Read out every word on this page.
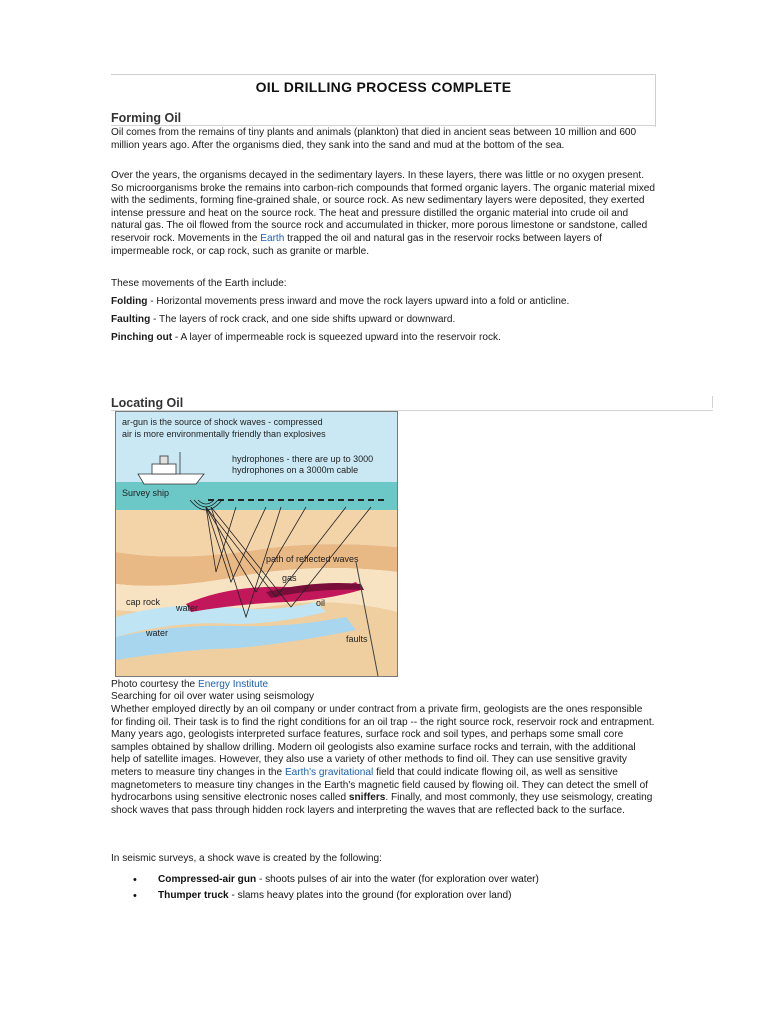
OIL DRILLING PROCESS COMPLETE
Forming Oil
Oil comes from the remains of tiny plants and animals (plankton) that died in ancient seas between 10 million and 600 million years ago. After the organisms died, they sank into the sand and mud at the bottom of the sea.
Over the years, the organisms decayed in the sedimentary layers. In these layers, there was little or no oxygen present. So microorganisms broke the remains into carbon-rich compounds that formed organic layers. The organic material mixed with the sediments, forming fine-grained shale, or source rock. As new sedimentary layers were deposited, they exerted intense pressure and heat on the source rock. The heat and pressure distilled the organic material into crude oil and natural gas. The oil flowed from the source rock and accumulated in thicker, more porous limestone or sandstone, called reservoir rock. Movements in the Earth trapped the oil and natural gas in the reservoir rocks between layers of impermeable rock, or cap rock, such as granite or marble.
These movements of the Earth include:
Folding - Horizontal movements press inward and move the rock layers upward into a fold or anticline.
Faulting - The layers of rock crack, and one side shifts upward or downward.
Pinching out - A layer of impermeable rock is squeezed upward into the reservoir rock.
Locating Oil
ar-gun is the source of shock waves - compressed
air is more environmentally friendly than explosives
hydrophones - there are up to 3000
hydrophones on a 3000m cable
Survey ship
path of reflected waves
gas
cap rock
water	oil
water
faults
Photo courtesy the Energy Institute
Searching for oil over water using seismology
Whether employed directly by an oil company or under contract from a private firm, geologists are the ones responsible for finding oil. Their task is to find the right conditions for an oil trap -- the right source rock, reservoir rock and entrapment. Many years ago, geologists interpreted surface features, surface rock and soil types, and perhaps some small core samples obtained by shallow drilling. Modern oil geologists also examine surface rocks and terrain, with the additional help of satellite images. However, they also use a variety of other methods to find oil. They can use sensitive gravity meters to measure tiny changes in the Earth's gravitational field that could indicate flowing oil, as well as sensitive magnetometers to measure tiny changes in the Earth's magnetic field caused by flowing oil. They can detect the smell of hydrocarbons using sensitive electronic noses called sniffers. Finally, and most commonly, they use seismology, creating shock waves that pass through hidden rock layers and interpreting the waves that are reflected back to the surface.
In seismic surveys, a shock wave is created by the following:
• Compressed-air gun - shoots pulses of air into the water (for exploration over water)
• Thumper truck - slams heavy plates into the ground (for exploration over land)
